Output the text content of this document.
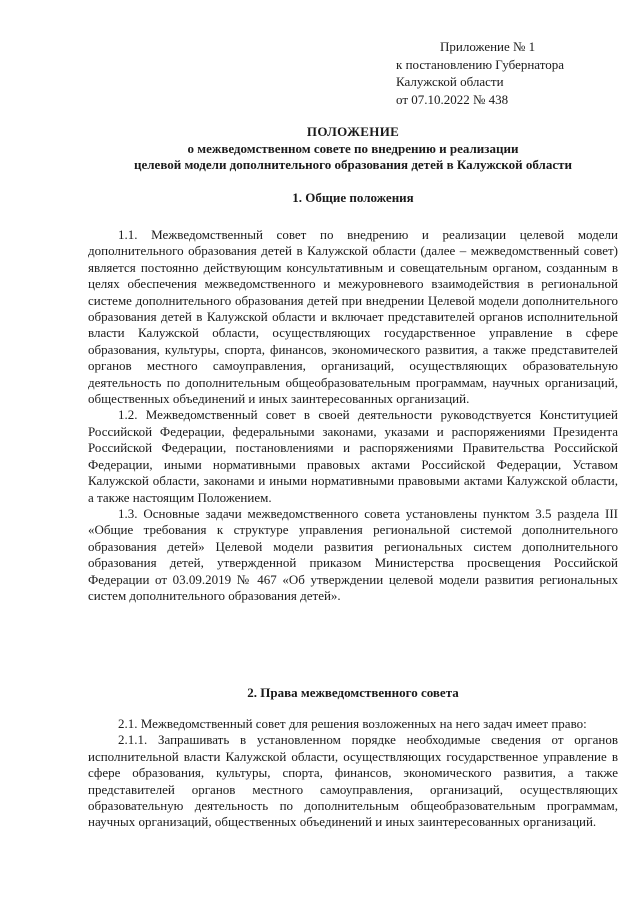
Приложение № 1
к постановлению Губернатора
Калужской области
от 07.10.2022 № 438
ПОЛОЖЕНИЕ
о межведомственном совете по внедрению и реализации
целевой модели дополнительного образования детей в Калужской области
1. Общие положения

1.1. Межведомственный совет по внедрению и реализации целевой модели дополнительного образования детей в Калужской области (далее – межведомственный совет) является постоянно действующим консультативным и совещательным органом, созданным в целях обеспечения межведомственного и межуровневого взаимодействия в региональной системе дополнительного образования детей при внедрении Целевой модели дополнительного образования детей в Калужской области и включает представителей органов исполнительной власти Калужской области, осуществляющих государственное управление в сфере образования, культуры, спорта, финансов, экономического развития, а также представителей органов местного самоуправления, организаций, осуществляющих образовательную деятельность по дополнительным общеобразовательным программам, научных организаций, общественных объединений и иных заинтересованных организаций.

1.2. Межведомственный совет в своей деятельности руководствуется Конституцией Российской Федерации, федеральными законами, указами и распоряжениями Президента Российской Федерации, постановлениями и распоряжениями Правительства Российской Федерации, иными нормативными правовых актами Российской Федерации, Уставом Калужской области, законами и иными нормативными правовыми актами Калужской области, а также настоящим Положением.

1.3. Основные задачи межведомственного совета установлены пунктом 3.5 раздела III «Общие требования к структуре управления региональной системой дополнительного образования детей» Целевой модели развития региональных систем дополнительного образования детей, утвержденной приказом Министерства просвещения Российской Федерации от 03.09.2019 № 467 «Об утверждении целевой модели развития региональных систем дополнительного образования детей».

2. Права межведомственного совета

2.1. Межведомственный совет для решения возложенных на него задач имеет право:

2.1.1. Запрашивать в установленном порядке необходимые сведения от органов исполнительной власти Калужской области, осуществляющих государственное управление в сфере образования, культуры, спорта, финансов, экономического развития, а также представителей органов местного самоуправления, организаций, осуществляющих образовательную деятельность по дополнительным общеобразовательным программам, научных организаций, общественных объединений и иных заинтересованных организаций.
